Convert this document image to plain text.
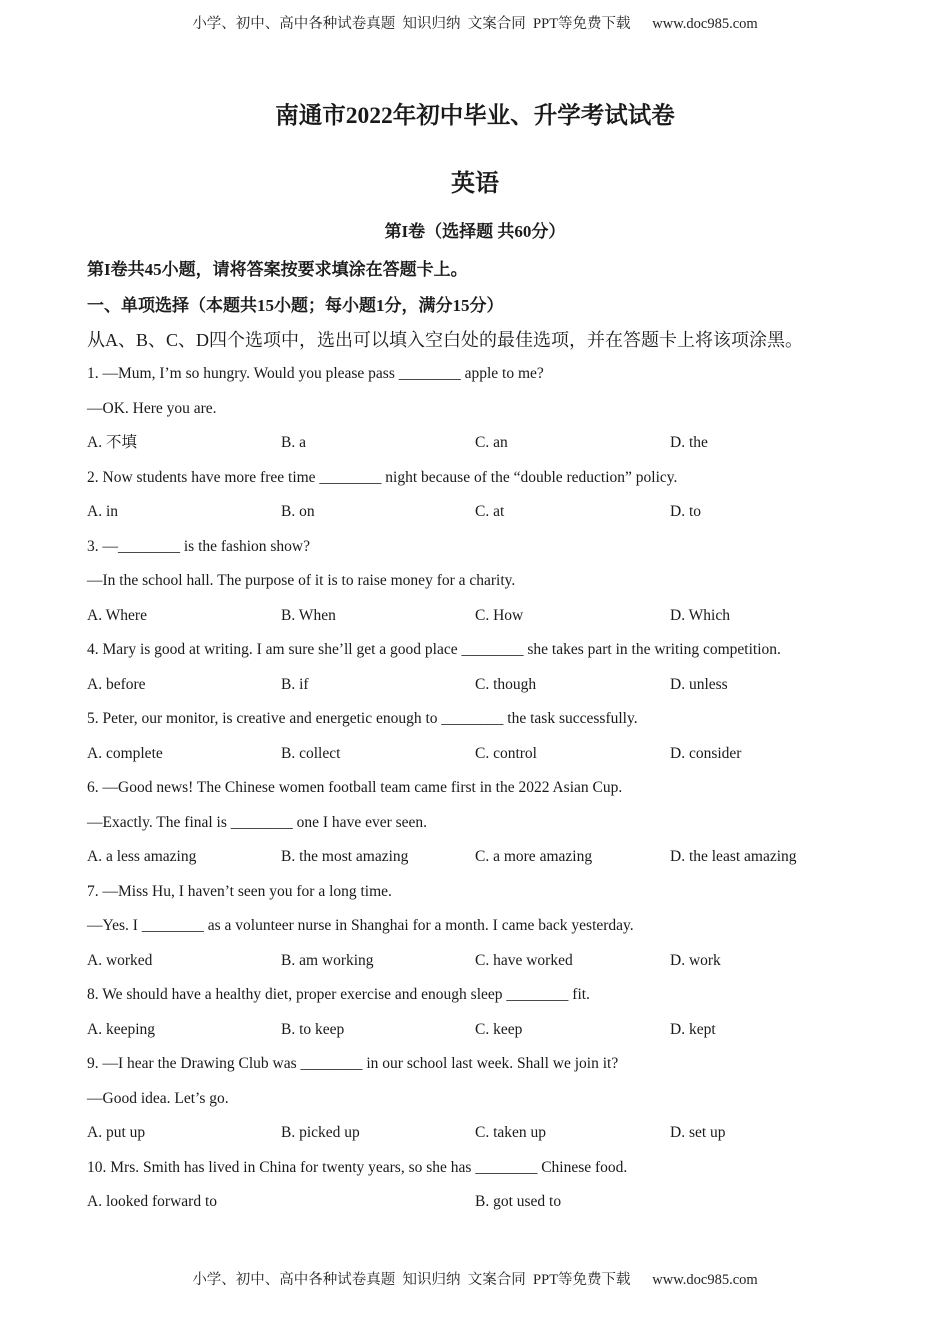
小学、初中、高中各种试卷真题  知识归纳  文案合同  PPT等免费下载      www.doc985.com
南通市2022年初中毕业、升学考试试卷
英语
第I卷（选择题 共60分）
第I卷共45小题，请将答案按要求填涂在答题卡上。
一、单项选择（本题共15小题；每小题1分，满分15分）
从A、B、C、D四个选项中，选出可以填入空白处的最佳选项，并在答题卡上将该项涂黑。
1. —Mum, I’m so hungry. Would you please pass ________ apple to me?
—OK. Here you are.
A. 不填	B. a	C. an	D. the
2. Now students have more free time ________ night because of the “double reduction” policy.
A. in	B. on	C. at	D. to
3. —________ is the fashion show?
—In the school hall. The purpose of it is to raise money for a charity.
A. Where	B. When	C. How	D. Which
4. Mary is good at writing. I am sure she’ll get a good place ________ she takes part in the writing competition.
A. before	B. if	C. though	D. unless
5. Peter, our monitor, is creative and energetic enough to ________ the task successfully.
A. complete	B. collect	C. control	D. consider
6. —Good news! The Chinese women football team came first in the 2022 Asian Cup.
—Exactly. The final is ________ one I have ever seen.
A. a less amazing	B. the most amazing	C. a more amazing	D. the least amazing
7. —Miss Hu, I haven’t seen you for a long time.
—Yes. I ________ as a volunteer nurse in Shanghai for a month. I came back yesterday.
A. worked	B. am working	C. have worked	D. work
8. We should have a healthy diet, proper exercise and enough sleep ________ fit.
A. keeping	B. to keep	C. keep	D. kept
9. —I hear the Drawing Club was ________ in our school last week. Shall we join it?
—Good idea. Let’s go.
A. put up	B. picked up	C. taken up	D. set up
10. Mrs. Smith has lived in China for twenty years, so she has ________ Chinese food.
A. looked forward to	B. got used to
小学、初中、高中各种试卷真题  知识归纳  文案合同  PPT等免费下载      www.doc985.com
